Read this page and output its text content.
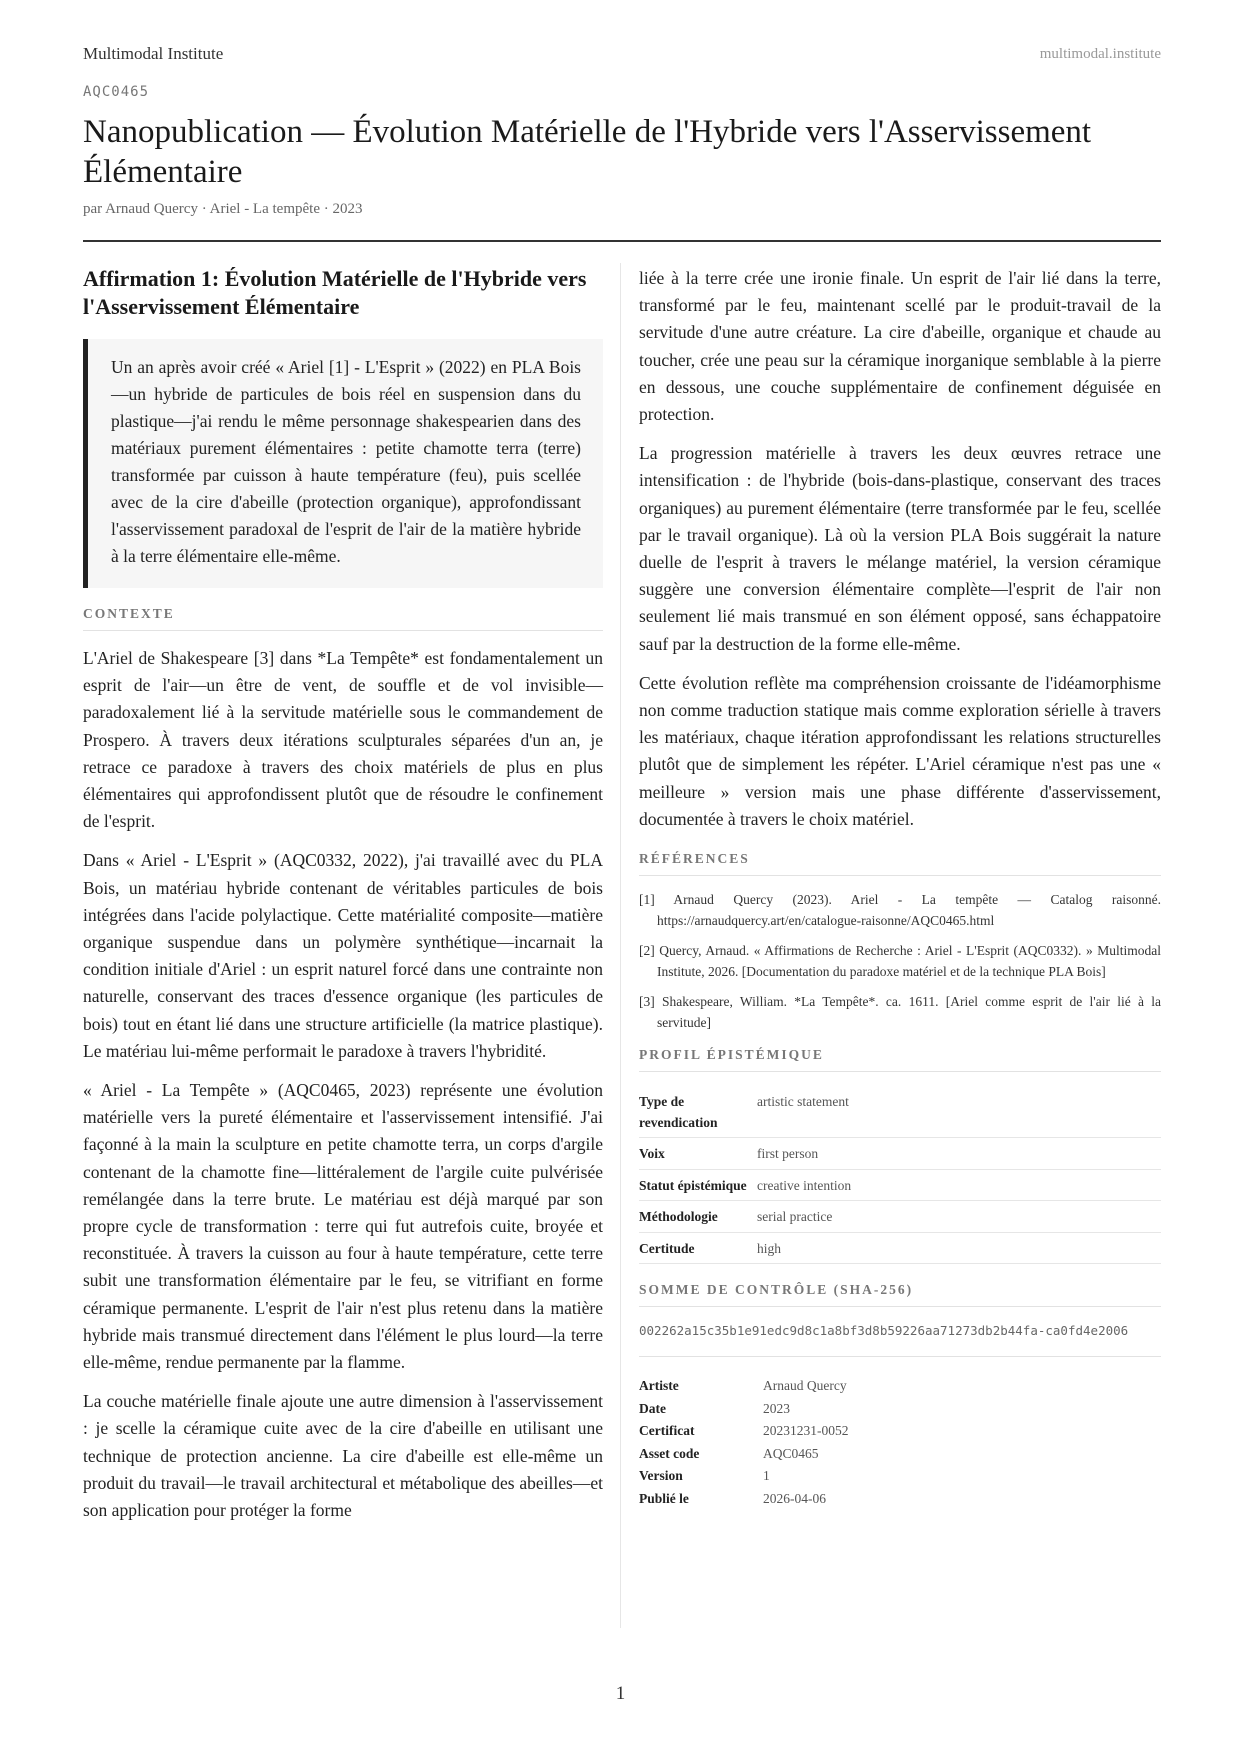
Multimodal Institute	multimodal.institute
AQC0465
Nanopublication — Évolution Matérielle de l'Hybride vers l'Asservissement Élémentaire
par Arnaud Quercy · Ariel - La tempête · 2023
Affirmation 1: Évolution Matérielle de l'Hybride vers l'Asservissement Élémentaire

Un an après avoir créé « Ariel [1] - L'Esprit » (2022) en PLA Bois—un hybride de particules de bois réel en suspension dans du plastique—j'ai rendu le même personnage shakespearien dans des matériaux purement élémentaires : petite chamotte terra (terre) transformée par cuisson à haute température (feu), puis scellée avec de la cire d'abeille (protection organique), approfondissant l'asservissement paradoxal de l'esprit de l'air de la matière hybride à la terre élémentaire elle-même.

CONTEXTE

L'Ariel de Shakespeare [3] dans *La Tempête* est fondamentalement un esprit de l'air—un être de vent, de souffle et de vol invisible—paradoxalement lié à la servitude matérielle sous le commandement de Prospero. À travers deux itérations sculpturales séparées d'un an, je retrace ce paradoxe à travers des choix matériels de plus en plus élémentaires qui approfondissent plutôt que de résoudre le confinement de l'esprit.

Dans « Ariel - L'Esprit » (AQC0332, 2022), j'ai travaillé avec du PLA Bois, un matériau hybride contenant de véritables particules de bois intégrées dans l'acide polylactique. Cette matérialité composite—matière organique suspendue dans un polymère synthétique—incarnait la condition initiale d'Ariel : un esprit naturel forcé dans une contrainte non naturelle, conservant des traces d'essence organique (les particules de bois) tout en étant lié dans une structure artificielle (la matrice plastique). Le matériau lui-même performait le paradoxe à travers l'hybridité.

« Ariel - La Tempête » (AQC0465, 2023) représente une évolution matérielle vers la pureté élémentaire et l'asservissement intensifié. J'ai façonné à la main la sculpture en petite chamotte terra, un corps d'argile contenant de la chamotte fine—littéralement de l'argile cuite pulvérisée remélangée dans la terre brute. Le matériau est déjà marqué par son propre cycle de transformation : terre qui fut autrefois cuite, broyée et reconstituée. À travers la cuisson au four à haute température, cette terre subit une transformation élémentaire par le feu, se vitrifiant en forme céramique permanente. L'esprit de l'air n'est plus retenu dans la matière hybride mais transmué directement dans l'élément le plus lourd—la terre elle-même, rendue permanente par la flamme.

La couche matérielle finale ajoute une autre dimension à l'asservissement : je scelle la céramique cuite avec de la cire d'abeille en utilisant une technique de protection ancienne. La cire d'abeille est elle-même un produit du travail—le travail architectural et métabolique des abeilles—et son application pour protéger la forme

liée à la terre crée une ironie finale. Un esprit de l'air lié dans la terre, transformé par le feu, maintenant scellé par le produit-travail de la servitude d'une autre créature. La cire d'abeille, organique et chaude au toucher, crée une peau sur la céramique inorganique semblable à la pierre en dessous, une couche supplémentaire de confinement déguisée en protection.

La progression matérielle à travers les deux œuvres retrace une intensification : de l'hybride (bois-dans-plastique, conservant des traces organiques) au purement élémentaire (terre transformée par le feu, scellée par le travail organique). Là où la version PLA Bois suggérait la nature duelle de l'esprit à travers le mélange matériel, la version céramique suggère une conversion élémentaire complète—l'esprit de l'air non seulement lié mais transmué en son élément opposé, sans échappatoire sauf par la destruction de la forme elle-même.

Cette évolution reflète ma compréhension croissante de l'idéamorphisme non comme traduction statique mais comme exploration sérielle à travers les matériaux, chaque itération approfondissant les relations structurelles plutôt que de simplement les répéter. L'Ariel céramique n'est pas une « meilleure » version mais une phase différente d'asservissement, documentée à travers le choix matériel.

RÉFÉRENCES
[1] Arnaud Quercy (2023). Ariel - La tempête — Catalog raisonné. https://arnaudquercy.art/en/catalogue-raisonne/AQC0465.html
[2] Quercy, Arnaud. « Affirmations de Recherche : Ariel - L'Esprit (AQC0332). » Multimodal Institute, 2026. [Documentation du paradoxe matériel et de la technique PLA Bois]
[3] Shakespeare, William. *La Tempête*. ca. 1611. [Ariel comme esprit de l'air lié à la servitude]
PROFIL ÉPISTÉMIQUE
Type de revendication	artistic statement
Voix	first person
Statut épistémique	creative intention
Méthodologie	serial practice
Certitude	high
SOMME DE CONTRÔLE (SHA-256)
002262a15c35b1e91edc9d8c1a8bf3d8b59226aa71273db2b44fa-ca0fd4e2006
Artiste	Arnaud Quercy
Date	2023
Certificat	20231231-0052
Asset code	AQC0465
Version	1
Publié le	2026-04-06
1
